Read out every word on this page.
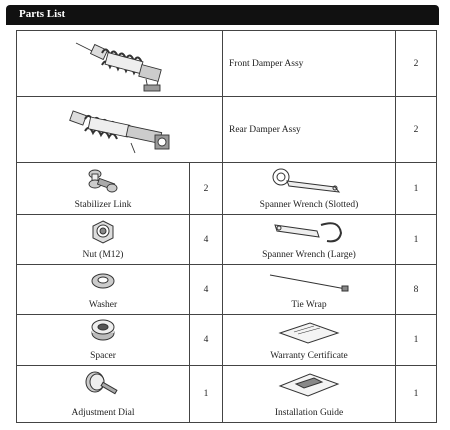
Parts List
	Front Damper Assy	2

	Rear Damper Assy	2

Stabilizer Link	2	Spanner Wrench (Slotted)	1

Nut (M12)	4	Spanner Wrench (Large)	1

Washer	4	Tie Wrap	8

Spacer	4	Warranty Certificate	1

Adjustment Dial	1	Installation Guide	1
